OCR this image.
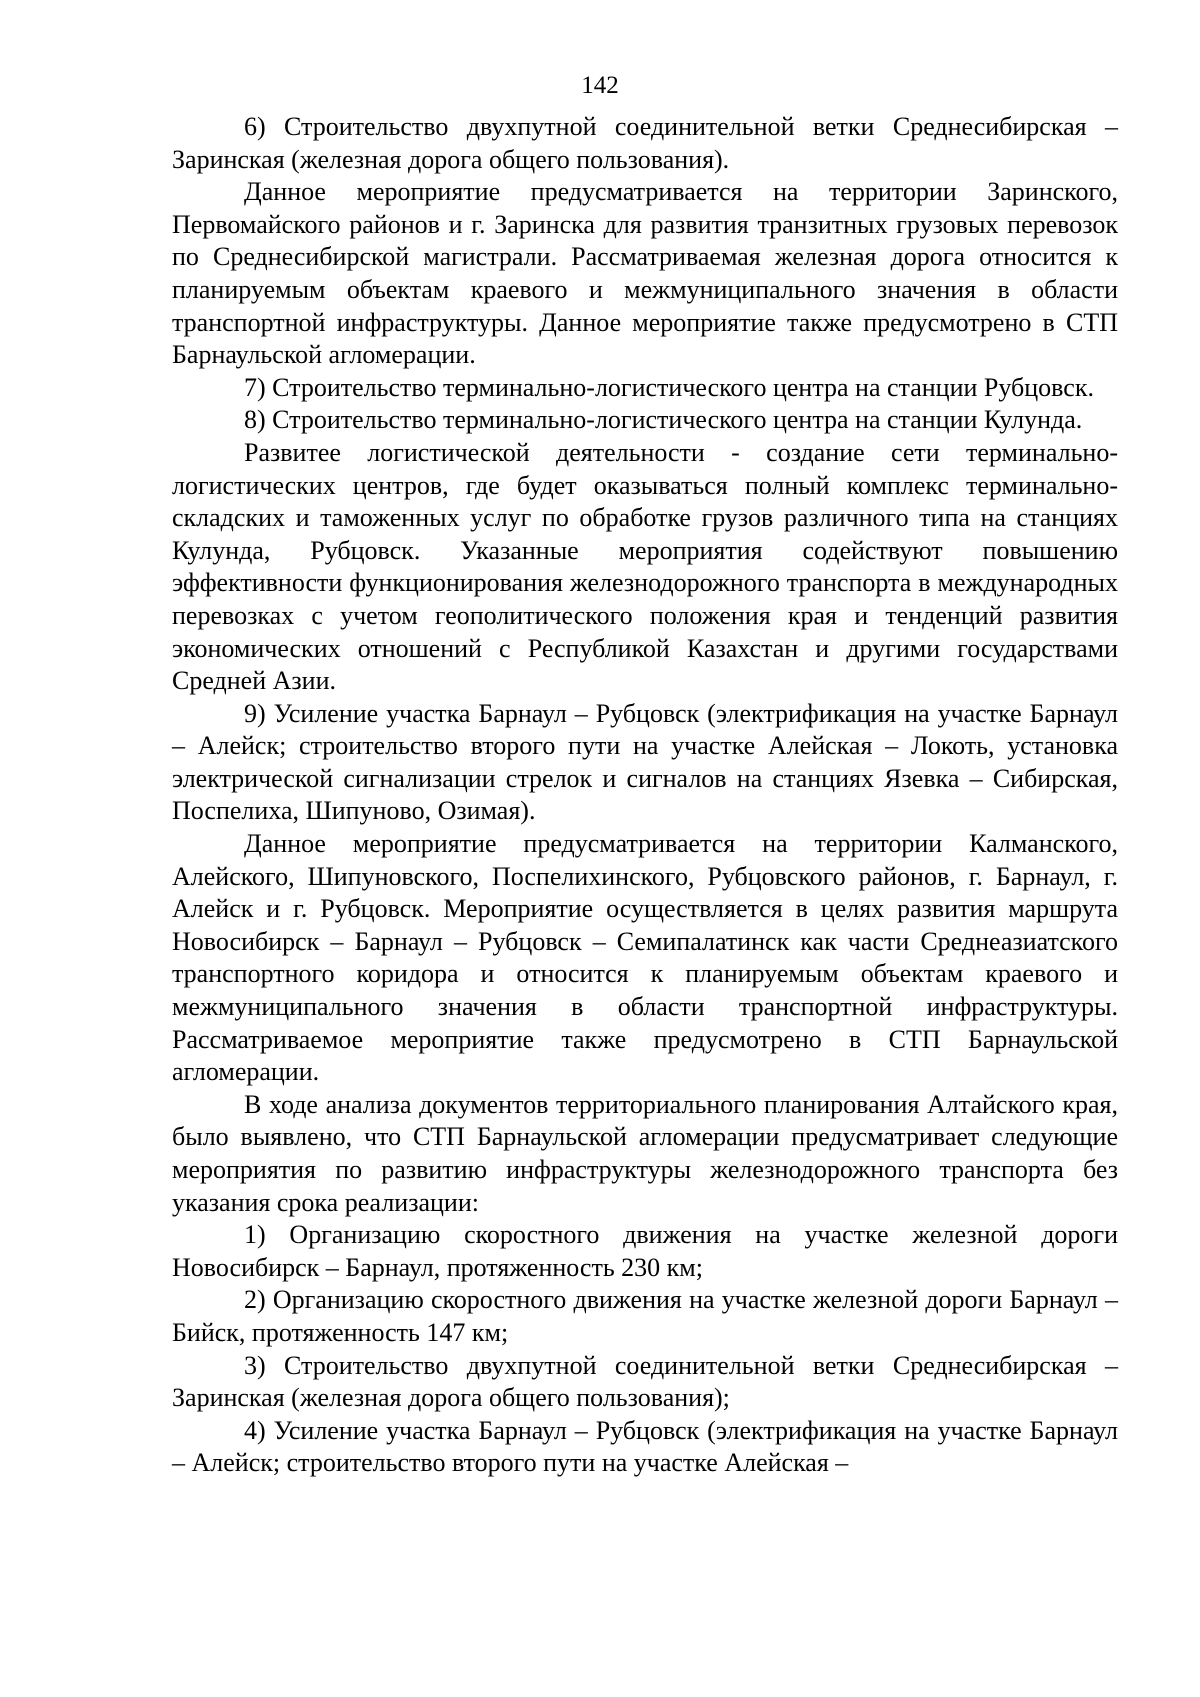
142

6) Строительство двухпутной соединительной ветки Среднесибирская – Заринская (железная дорога общего пользования).

Данное мероприятие предусматривается на территории Заринского, Первомайского районов и г. Заринска для развития транзитных грузовых перевозок по Среднесибирской магистрали. Рассматриваемая железная дорога относится к планируемым объектам краевого и межмуниципального значения в области транспортной инфраструктуры. Данное мероприятие также предусмотрено в СТП Барнаульской агломерации.

7) Строительство терминально-логистического центра на станции Рубцовск.

8) Строительство терминально-логистического центра на станции Кулунда.

Развитее логистической деятельности - создание сети терминально-логистических центров, где будет оказываться полный комплекс терминально-складских и таможенных услуг по обработке грузов различного типа на станциях Кулунда, Рубцовск. Указанные мероприятия содействуют повышению эффективности функционирования железнодорожного транспорта в международных перевозках с учетом геополитического положения края и тенденций развития экономических отношений с Республикой Казахстан и другими государствами Средней Азии.

9) Усиление участка Барнаул – Рубцовск (электрификация на участке Барнаул – Алейск; строительство второго пути на участке Алейская – Локоть, установка электрической сигнализации стрелок и сигналов на станциях Язевка – Сибирская, Поспелиха, Шипуново, Озимая).

Данное мероприятие предусматривается на территории Калманского, Алейского, Шипуновского, Поспелихинского, Рубцовского районов, г. Барнаул, г. Алейск и г. Рубцовск. Мероприятие осуществляется в целях развития маршрута Новосибирск – Барнаул – Рубцовск – Семипалатинск как части Среднеазиатского транспортного коридора и относится к планируемым объектам краевого и межмуниципального значения в области транспортной инфраструктуры. Рассматриваемое мероприятие также предусмотрено в СТП Барнаульской агломерации.

В ходе анализа документов территориального планирования Алтайского края, было выявлено, что СТП Барнаульской агломерации предусматривает следующие мероприятия по развитию инфраструктуры железнодорожного транспорта без указания срока реализации:

1) Организацию скоростного движения на участке железной дороги Новосибирск – Барнаул, протяженность 230 км;

2) Организацию скоростного движения на участке железной дороги Барнаул – Бийск, протяженность 147 км;

3) Строительство двухпутной соединительной ветки Среднесибирская – Заринская (железная дорога общего пользования);

4) Усиление участка Барнаул – Рубцовск (электрификация на участке Барнаул – Алейск; строительство второго пути на участке Алейская –
